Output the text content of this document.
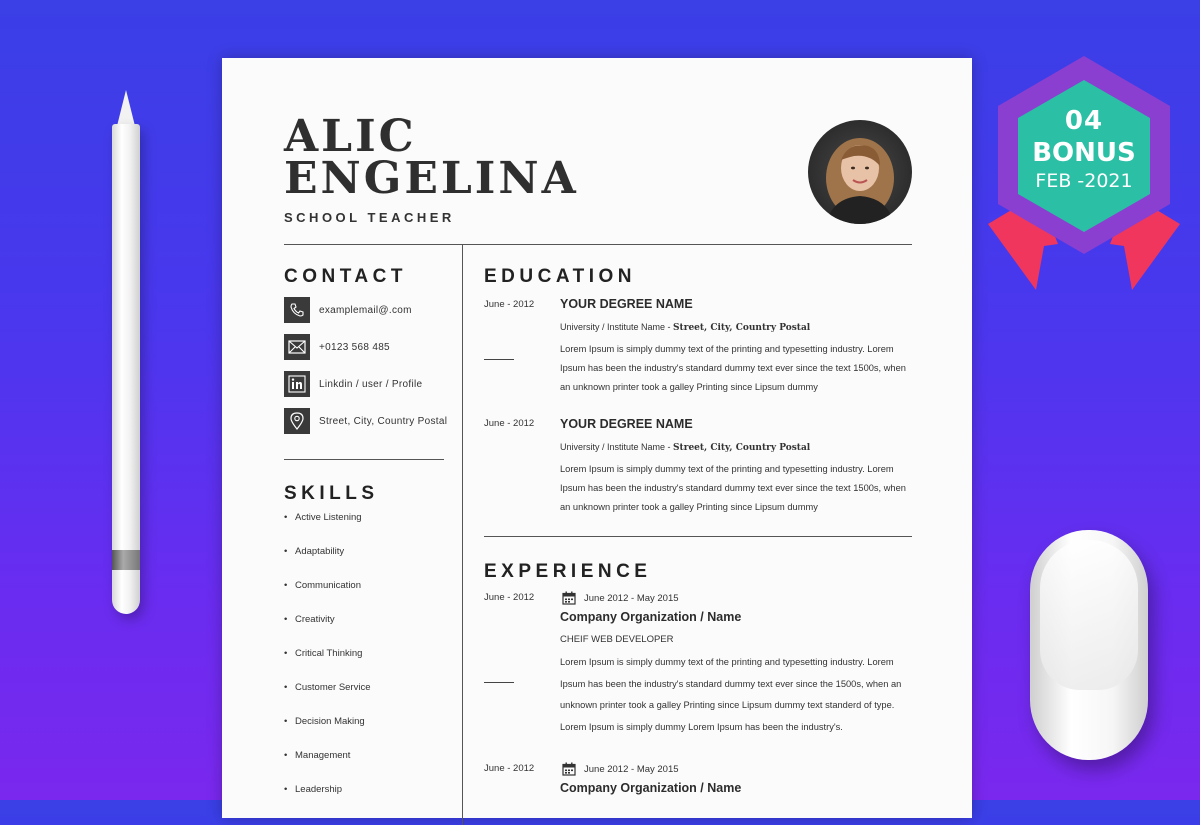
ALIC
ENGELINA
SCHOOL TEACHER
CONTACT
examplemail@.com
+0123 568 485
Linkdin / user / Profile
Street, City, Country Postal
SKILLS
• Active Listening
• Adaptability
• Communication
• Creativity
• Critical Thinking
• Customer Service
• Decision Making
• Management
• Leadership
EDUCATION
June - 2012 YOUR DEGREE NAME
University / Institute Name - Street, City, Country Postal
Lorem Ipsum is simply dummy text of the printing and typesetting industry. Lorem Ipsum has been the industry's standard dummy text ever since the text 1500s, when an unknown printer took a galley Printing since Lipsum dummy
June - 2012 YOUR DEGREE NAME
University / Institute Name - Street, City, Country Postal
Lorem Ipsum is simply dummy text of the printing and typesetting industry. Lorem Ipsum has been the industry's standard dummy text ever since the text 1500s, when an unknown printer took a galley Printing since Lipsum dummy
EXPERIENCE
June - 2012	June 2012 - May 2015
Company Organization / Name
CHEIF WEB DEVELOPER
Lorem Ipsum is simply dummy text of the printing and typesetting industry. Lorem Ipsum has been the industry's standard dummy text ever since the 1500s, when an unknown printer took a galley Printing since Lipsum dummy text standerd of type. Lorem Ipsum is simply dummy Lorem Ipsum has been the industry's.
June - 2012	June 2012 - May 2015
Company Organization / Name
04
BONUS
FEB -2021
